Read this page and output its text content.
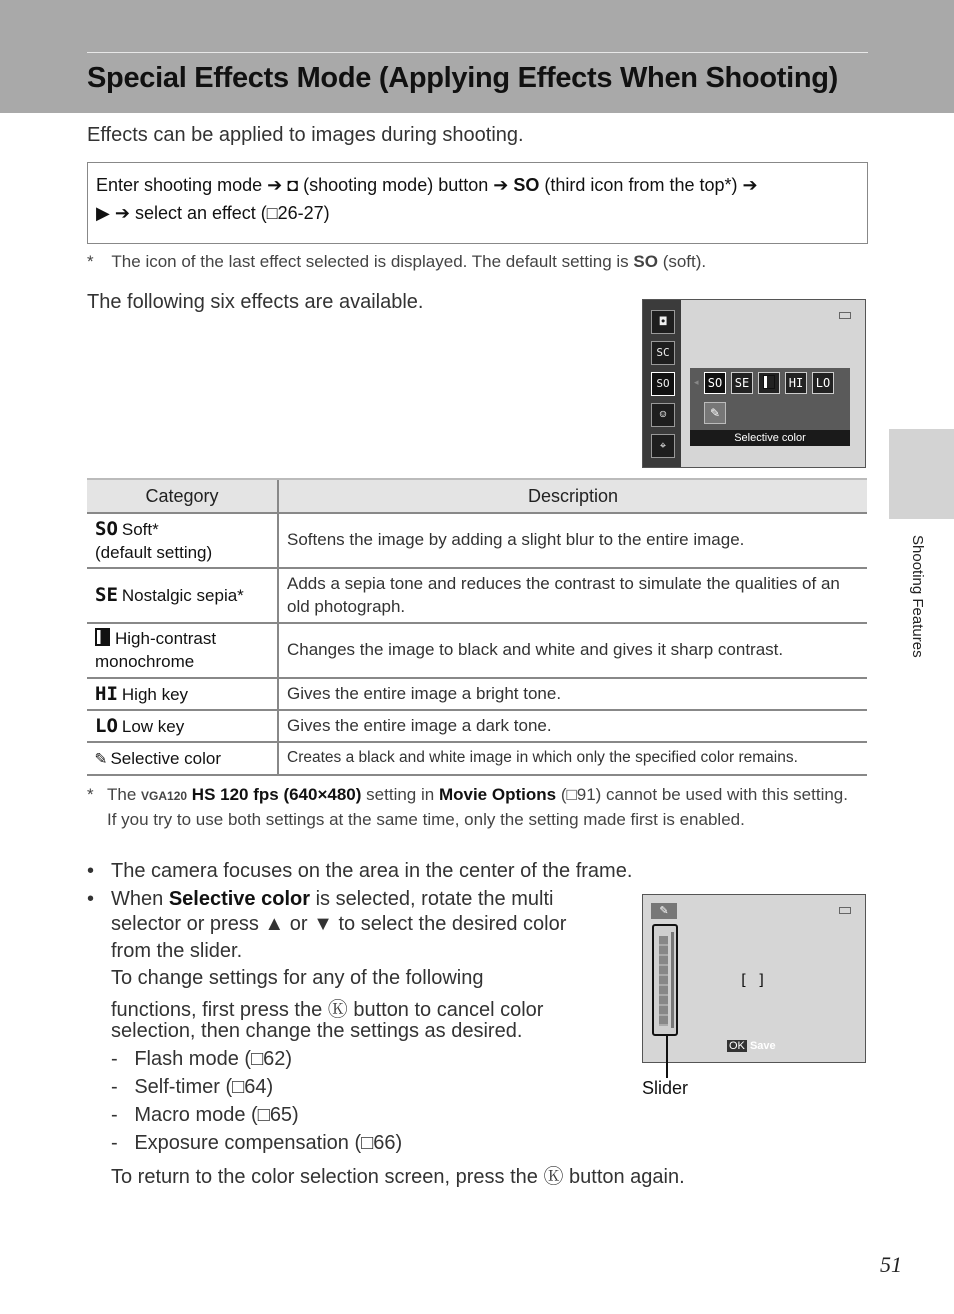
Special Effects Mode (Applying Effects When Shooting)
Shooting Features

Effects can be applied to images during shooting.

Enter shooting mode ➔ ◘ (shooting mode) button ➔ SO (third icon from the top*) ➔
▶ ➔ select an effect (□26-27)
* The icon of the last effect selected is displayed. The default setting is SO (soft).

The following six effects are available.

◘
SC
SO
☺
⌖
SO	SE	HI	LO
✎
Selective color
◂
Category	Description
SO Soft*
(default setting)	Softens the image by adding a slight blur to the entire image.
SE Nostalgic sepia*	Adds a sepia tone and reduces the contrast to simulate the qualities of an old photograph.
High-contrast
monochrome	Changes the image to black and white and gives it sharp contrast.
HI High key	Gives the entire image a bright tone.
LO Low key	Gives the entire image a dark tone.
✎ Selective color	Creates a black and white image in which only the specified color remains.
* The VGA120 HS 120 fps (640×480) setting in Movie Options (□91) cannot be used with this setting. If you try to use both settings at the same time, only the setting made first is enabled.
• The camera focuses on the area in the center of the frame.
• When Selective color is selected, rotate the multi
selector or press ▲ or ▼ to select the desired color
from the slider.
To change settings for any of the following
functions, first press the Ⓚ button to cancel color
selection, then change the settings as desired.
-   Flash mode (□62)
-   Self-timer (□64)
-   Macro mode (□65)
-   Exposure compensation (□66)
To return to the color selection screen, press the Ⓚ button again.
✎
[ ]
OK Save
Slider
51
